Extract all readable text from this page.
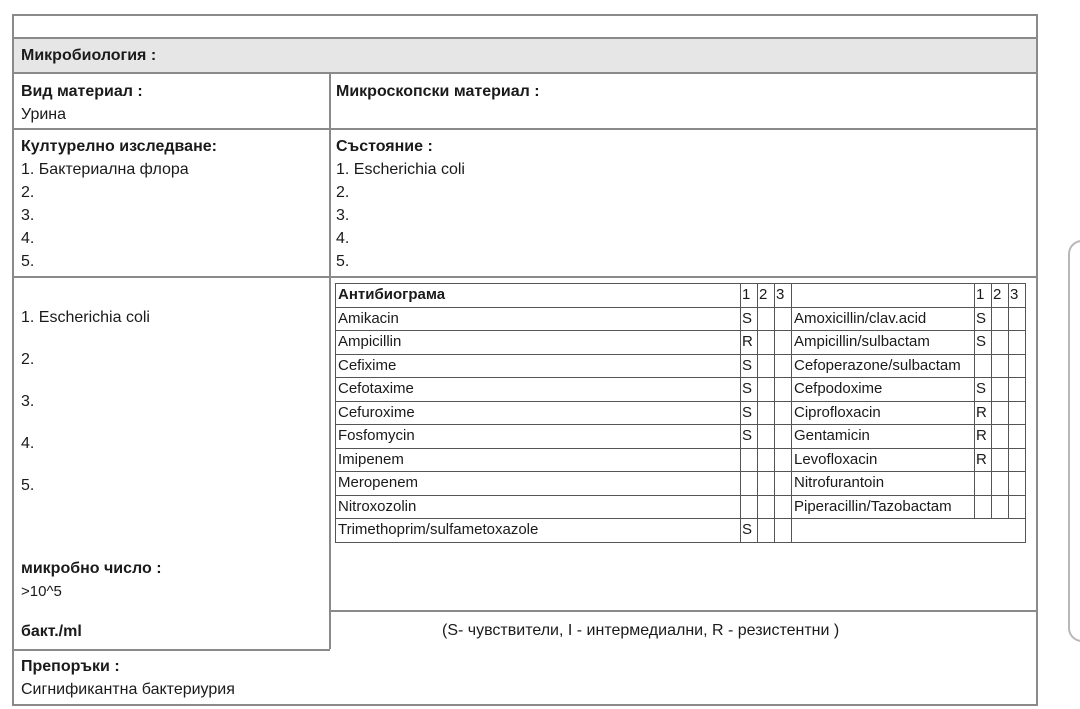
Микробиология :
Вид материал :
Урина
Микроскопски материал :
Културелно изследване:
1. Бактериална флора
2.
3.
4.
5.
Състояние :
1. Escherichia coli
2.
3.
4.
5.
1. Escherichia coli
2.
3.
4.
5.
микробно число :
>10^5
бакт./ml	(S- чувствители, I - интермедиални, R - резистентни )
Препоръки :
Сигнификантна бактериурия
Антибиограма	1	2	3		1	2	3
Amikacin	S			Amoxicillin/clav.acid	S		
Ampicillin	R			Ampicillin/sulbactam	S		
Cefixime	S			Cefoperazone/sulbactam			
Cefotaxime	S			Cefpodoxime	S		
Cefuroxime	S			Ciprofloxacin	R		
Fosfomycin	S			Gentamicin	R		
Imipenem				Levofloxacin	R		
Meropenem				Nitrofurantoin			
Nitroxozolin				Piperacillin/Tazobactam			
Trimethoprim/sulfametoxazole	S						
